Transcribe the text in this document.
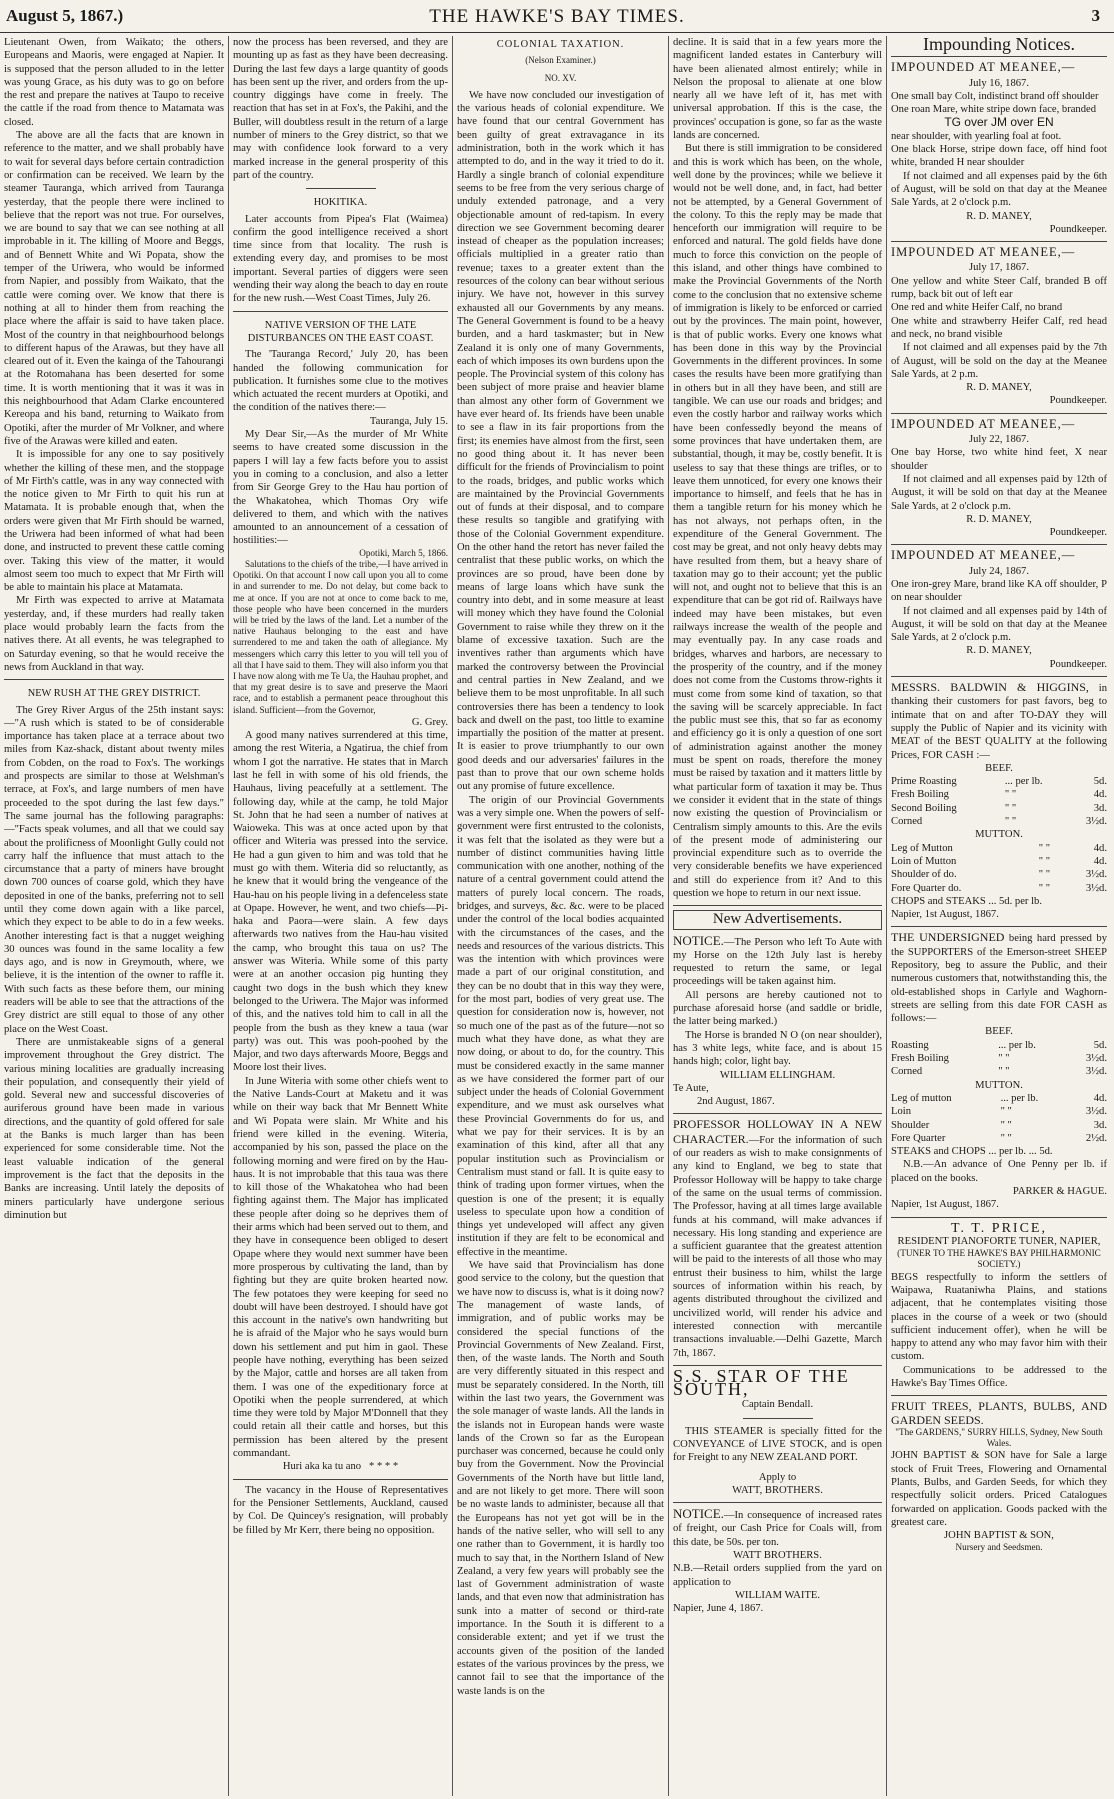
August 5, 1867.)	THE HAWKE'S BAY TIMES.	3

Lieutenant Owen, from Waikato; the others, Europeans and Maoris, were engaged at Napier. It is supposed that the person alluded to in the letter was young Grace, as his duty was to go on before the rest and prepare the natives at Taupo to receive the cattle if the road from thence to Matamata was closed.

The above are all the facts that are known in reference to the matter, and we shall probably have to wait for several days before certain contradiction or confirmation can be received. We learn by the steamer Tauranga, which arrived from Tauranga yesterday, that the people there were inclined to believe that the report was not true. For ourselves, we are bound to say that we can see nothing at all improbable in it. The killing of Moore and Beggs, and of Bennett White and Wi Popata, show the temper of the Uriwera, who would be informed from Napier, and possibly from Waikato, that the cattle were coming over. We know that there is nothing at all to hinder them from reaching the place where the affair is said to have taken place. Most of the country in that neighbourhood belongs to different hapus of the Arawas, but they have all cleared out of it. Even the kainga of the Tahourangi at the Rotomahana has been deserted for some time. It is worth mentioning that it was it was in this neighbourhood that Adam Clarke encountered Kereopa and his band, returning to Waikato from Opotiki, after the murder of Mr Volkner, and where five of the Arawas were killed and eaten.

It is impossible for any one to say positively whether the killing of these men, and the stoppage of Mr Firth's cattle, was in any way connected with the notice given to Mr Firth to quit his run at Matamata. It is probable enough that, when the orders were given that Mr Firth should be warned, the Uriwera had been informed of what had been done, and instructed to prevent these cattle coming over. Taking this view of the matter, it would almost seem too much to expect that Mr Firth will be able to maintain his place at Matamata.

Mr Firth was expected to arrive at Matamata yesterday, and, if these murders had really taken place would probably learn the facts from the natives there. At all events, he was telegraphed to on Saturday evening, so that he would receive the news from Auckland in that way.

NEW RUSH AT THE GREY DISTRICT.

The Grey River Argus of the 25th instant says:—"A rush which is stated to be of considerable importance has taken place at a terrace about two miles from Kaz-shack, distant about twenty miles from Cobden, on the road to Fox's. The workings and prospects are similar to those at Welshman's terrace, at Fox's, and large numbers of men have proceeded to the spot during the last few days." The same journal has the following paragraphs:—"Facts speak volumes, and all that we could say about the prolificness of Moonlight Gully could not carry half the influence that must attach to the circumstance that a party of miners have brought down 700 ounces of coarse gold, which they have deposited in one of the banks, preferring not to sell until they come down again with a like parcel, which they expect to be able to do in a few weeks. Another interesting fact is that a nugget weighing 30 ounces was found in the same locality a few days ago, and is now in Greymouth, where, we believe, it is the intention of the owner to raffle it. With such facts as these before them, our mining readers will be able to see that the attractions of the Grey district are still equal to those of any other place on the West Coast.

There are unmistakeable signs of a general improvement throughout the Grey district. The various mining localities are gradually increasing their population, and consequently their yield of gold. Several new and successful discoveries of auriferous ground have been made in various directions, and the quantity of gold offered for sale at the Banks is much larger than has been experienced for some considerable time. Not the least valuable indication of the general improvement is the fact that the deposits in the Banks are increasing. Until lately the deposits of miners particularly have undergone serious diminution but

now the process has been reversed, and they are mounting up as fast as they have been decreasing. During the last few days a large quantity of goods has been sent up the river, and orders from the up-country diggings have come in freely. The reaction that has set in at Fox's, the Pakihi, and the Buller, will doubtless result in the return of a large number of miners to the Grey district, so that we may with confidence look forward to a very marked increase in the general prosperity of this part of the country.

HOKITIKA.

Later accounts from Pipea's Flat (Waimea) confirm the good intelligence received a short time since from that locality. The rush is extending every day, and promises to be most important. Several parties of diggers were seen wending their way along the beach to day en route for the new rush.—West Coast Times, July 26.

NATIVE VERSION OF THE LATE DISTURBANCES ON THE EAST COAST.

The 'Tauranga Record,' July 20, has been handed the following communication for publication. It furnishes some clue to the motives which actuated the recent murders at Opotiki, and the condition of the natives there:—

Tauranga, July 15.

My Dear Sir,—As the murder of Mr White seems to have created some discussion in the papers I will lay a few facts before you to assist you in coming to a conclusion, and also a letter from Sir George Grey to the Hau hau portion of the Whakatohea, which Thomas Ory wife delivered to them, and which with the natives amounted to an announcement of a cessation of hostilities:—

Opotiki, March 5, 1866.

Salutations to the chiefs of the tribe,—I have arrived in Opotiki. On that account I now call upon you all to come in and surrender to me. Do not delay, but come back to me at once. If you are not at once to come back to me, those people who have been concerned in the murders will be tried by the laws of the land. Let a number of the native Hauhaus belonging to the east and have surrendered to me and taken the oath of allegiance. My messengers which carry this letter to you will tell you of all that I have said to them. They will also inform you that I have now along with me Te Ua, the Hauhau prophet, and that my great desire is to save and preserve the Maori race, and to establish a permanent peace throughout this island. Sufficient—from the Governor,

G. Grey.

A good many natives surrendered at this time, among the rest Witeria, a Ngatirua, the chief from whom I got the narrative. He states that in March last he fell in with some of his old friends, the Hauhaus, living peacefully at a settlement. The following day, while at the camp, he told Major St. John that he had seen a number of natives at Waioweka. This was at once acted upon by that officer and Witeria was pressed into the service. He had a gun given to him and was told that he must go with them. Witeria did so reluctantly, as he knew that it would bring the vengeance of the Hau-hau on his people living in a defenceless state at Opape. However, he went, and two chiefs—Pi-haka and Paora—were slain. A few days afterwards two natives from the Hau-hau visited the camp, who brought this taua on us? The answer was Witeria. While some of this party were at an another occasion pig hunting they caught two dogs in the bush which they knew belonged to the Uriwera. The Major was informed of this, and the natives told him to call in all the people from the bush as they knew a taua (war party) was out. This was pooh-poohed by the Major, and two days afterwards Moore, Beggs and Moore lost their lives.

In June Witeria with some other chiefs went to the Native Lands-Court at Maketu and it was while on their way back that Mr Bennett White and Wi Popata were slain. Mr White and his friend were killed in the evening. Witeria, accompanied by his son, passed the place on the following morning and were fired on by the Hau-haus. It is not improbable that this taua was there to kill those of the Whakatohea who had been fighting against them. The Major has implicated these people after doing so he deprives them of their arms which had been served out to them, and they have in consequence been obliged to desert Opape where they would next summer have been more prosperous by cultivating the land, than by fighting but they are quite broken hearted now. The few potatoes they were keeping for seed no doubt will have been destroyed. I should have got this account in the native's own handwriting but he is afraid of the Major who he says would burn down his settlement and put him in gaol. These people have nothing, everything has been seized by the Major, cattle and horses are all taken from them. I was one of the expeditionary force at Opotiki when the people surrendered, at which time they were told by Major M'Donnell that they could retain all their cattle and horses, but this permission has been altered by the present commandant.

Huri aka ka tu ano * * * *

The vacancy in the House of Representatives for the Pensioner Settlements, Auckland, caused by Col. De Quincey's resignation, will probably be filled by Mr Kerr, there being no opposition.

COLONIAL TAXATION.
(Nelson Examiner.)
NO. XV.

We have now concluded our investigation of the various heads of colonial expenditure. We have found that our central Government has been guilty of great extravagance in its administration, both in the work which it has attempted to do, and in the way it tried to do it. Hardly a single branch of colonial expenditure seems to be free from the very serious charge of unduly extended patronage, and a very objectionable amount of red-tapism. In every direction we see Government becoming dearer instead of cheaper as the population increases; officials multiplied in a greater ratio than revenue; taxes to a greater extent than the resources of the colony can bear without serious injury. We have not, however in this survey exhausted all our Governments by any means. The General Government is found to be a heavy burden, and a hard taskmaster; but in New Zealand it is only one of many Governments, each of which imposes its own burdens upon the people. The Provincial system of this colony has been subject of more praise and heavier blame than almost any other form of Government we have ever heard of. Its friends have been unable to see a flaw in its fair proportions from the first; its enemies have almost from the first, seen no good thing about it. It has never been difficult for the friends of Provincialism to point to the roads, bridges, and public works which are maintained by the Provincial Governments out of funds at their disposal, and to compare these results so tangible and gratifying with those of the Colonial Government expenditure. On the other hand the retort has never failed the centralist that these public works, on which the provinces are so proud, have been done by means of large loans which have sunk the country into debt, and in some measure at least will money which they have found the Colonial Government to raise while they threw on it the blame of excessive taxation. Such are the inventives rather than arguments which have marked the controversy between the Provincial and central parties in New Zealand, and we believe them to be most unprofitable. In all such controversies there has been a tendency to look back and dwell on the past, too little to examine impartially the position of the matter at present. It is easier to prove triumphantly to our own good deeds and our adversaries' failures in the past than to prove that our own scheme holds out any promise of future excellence.

The origin of our Provincial Governments was a very simple one. When the powers of self-government were first entrusted to the colonists, it was felt that the isolated as they were but a number of distinct communities having little communication with one another, nothing of the nature of a central government could attend the matters of purely local concern. The roads, bridges, and surveys, &c. &c. were to be placed under the control of the local bodies acquainted with the circumstances of the cases, and the needs and resources of the various districts. This was the intention with which provinces were made a part of our original constitution, and they can be no doubt that in this way they were, for the most part, bodies of very great use. The question for consideration now is, however, not so much one of the past as of the future—not so much what they have done, as what they are now doing, or about to do, for the country. This must be considered exactly in the same manner as we have considered the former part of our subject under the heads of Colonial Government expenditure, and we must ask ourselves what these Provincial Governments do for us, and what we pay for their services. It is by an examination of this kind, after all that any popular institution such as Provincialism or Centralism must stand or fall. It is quite easy to think of trading upon former virtues, when the question is one of the present; it is equally useless to speculate upon how a condition of things yet undeveloped will affect any given institution if they are felt to be economical and effective in the meantime.

We have said that Provincialism has done good service to the colony, but the question that we have now to discuss is, what is it doing now? The management of waste lands, of immigration, and of public works may be considered the special functions of the Provincial Governments of New Zealand. First, then, of the waste lands. The North and South are very differently situated in this respect and must be separately considered. In the North, till within the last two years, the Government was the sole manager of waste lands. All the lands in the islands not in European hands were waste lands of the Crown so far as the European purchaser was concerned, because he could only buy from the Government. Now the Provincial Governments of the North have but little land, and are not likely to get more. There will soon be no waste lands to administer, because all that the Europeans has not yet got will be in the hands of the native seller, who will sell to any one rather than to Government, it is hardly too much to say that, in the Northern Island of New Zealand, a very few years will probably see the last of Government administration of waste lands, and that even now that administration has sunk into a matter of second or third-rate importance. In the South it is different to a considerable extent; and yet if we trust the accounts given of the position of the landed estates of the various provinces by the press, we cannot fail to see that the importance of the waste lands is on the

decline. It is said that in a few years more the magnificent landed estates in Canterbury will have been alienated almost entirely; while in Nelson the proposal to alienate at one blow nearly all we have left of it, has met with universal approbation. If this is the case, the provinces' occupation is gone, so far as the waste lands are concerned.

But there is still immigration to be considered and this is work which has been, on the whole, well done by the provinces; while we believe it would not be well done, and, in fact, had better not be attempted, by a General Government of the colony. To this the reply may be made that henceforth our immigration will require to be enforced and natural. The gold fields have done much to force this conviction on the people of this island, and other things have combined to make the Provincial Governments of the North come to the conclusion that no extensive scheme of immigration is likely to be enforced or carried out by the provinces. The main point, however, is that of public works. Every one knows what has been done in this way by the Provincial Governments in the different provinces. In some cases the results have been more gratifying than in others but in all they have been, and still are tangible. We can use our roads and bridges; and even the costly harbor and railway works which have been confessedly beyond the means of some provinces that have undertaken them, are substantial, though, it may be, costly benefit. It is useless to say that these things are trifles, or to leave them unnoticed, for every one knows their importance to himself, and feels that he has in them a tangible return for his money which he has not always, not perhaps often, in the expenditure of the General Government. The cost may be great, and not only heavy debts may have resulted from them, but a heavy share of taxation may go to their account; yet the public will not, and ought not to believe that this is an expenditure that can be got rid of. Railways have indeed may have been mistakes, but even railways increase the wealth of the people and may eventually pay. In any case roads and bridges, wharves and harbors, are necessary to the prosperity of the country, and if the money does not come from the Customs throw-rights it must come from some kind of taxation, so that the saving will be scarcely appreciable. In fact the public must see this, that so far as economy and efficiency go it is only a question of one sort of administration against another the money must be spent on roads, therefore the money must be raised by taxation and it matters little by what particular form of taxation it may be. Thus we consider it evident that in the state of things now existing the question of Provincialism or Centralism simply amounts to this. Are the evils of the present mode of administering our provincial expenditure such as to override the very considerable benefits we have experienced and still do experience from it? And to this question we hope to return in our next issue.

New Advertisements.

NOTICE.—The Person who left To Aute with my Horse on the 12th July last is hereby requested to return the same, or legal proceedings will be taken against him.

All persons are hereby cautioned not to purchase aforesaid horse (and saddle or bridle, the latter being marked.)

The Horse is branded N O (on near shoulder), has 3 white legs, white face, and is about 15 hands high; color, light bay.

WILLIAM ELLINGHAM.

Te Aute,

2nd August, 1867.

PROFESSOR HOLLOWAY IN A NEW CHARACTER.—For the information of such of our readers as wish to make consignments of any kind to England, we beg to state that Professor Holloway will be happy to take charge of the same on the usual terms of commission. The Professor, having at all times large available funds at his command, will make advances if necessary. His long standing and experience are a sufficient guarantee that the greatest attention will be paid to the interests of all those who may entrust their business to him, whilst the large sources of information within his reach, by agents distributed throughout the civilized and uncivilized world, will render his advice and interested connection with mercantile transactions invaluable.—Delhi Gazette, March 7th, 1867.

S.S. STAR OF THE SOUTH,

Captain Bendall.

THIS STEAMER is specially fitted for the CONVEYANCE of LIVE STOCK, and is open for Freight to any NEW ZEALAND PORT.

Apply to

WATT, BROTHERS.

NOTICE.—In consequence of increased rates of freight, our Cash Price for Coals will, from this date, be 50s. per ton.

WATT BROTHERS.

N.B.—Retail orders supplied from the yard on application to

WILLIAM WAITE.

Napier, June 4, 1867.

Impounding Notices.
IMPOUNDED AT MEANEE,—

July 16, 1867.

One small bay Colt, indistinct brand off shoulder

One roan Mare, white stripe down face, branded

TG over JM over EN

near shoulder, with yearling foal at foot.

One black Horse, stripe down face, off hind foot white, branded H near shoulder

If not claimed and all expenses paid by the 6th of August, will be sold on that day at the Meanee Sale Yards, at 2 o'clock p.m.

R. D. MANEY,

Poundkeeper.

IMPOUNDED AT MEANEE,—

July 17, 1867.

One yellow and white Steer Calf, branded B off rump, back bit out of left ear

One red and white Heifer Calf, no brand

One white and strawberry Heifer Calf, red head and neck, no brand visible

If not claimed and all expenses paid by the 7th of August, will be sold on the day at the Meanee Sale Yards, at 2 p.m.

R. D. MANEY,

Poundkeeper.

IMPOUNDED AT MEANEE,—

July 22, 1867.

One bay Horse, two white hind feet, X near shoulder

If not claimed and all expenses paid by 12th of August, it will be sold on that day at the Meanee Sale Yards, at 2 o'clock p.m.

R. D. MANEY,

Poundkeeper.

IMPOUNDED AT MEANEE,—

July 24, 1867.

One iron-grey Mare, brand like KA off shoulder, P on near shoulder

If not claimed and all expenses paid by 14th of August, it will be sold on that day at the Meanee Sale Yards, at 2 o'clock p.m.

R. D. MANEY,

Poundkeeper.

MESSRS. BALDWIN & HIGGINS, in thanking their customers for past favors, beg to intimate that on and after TO-DAY they will supply the Public of Napier and its vicinity with MEAT of the BEST QUALITY at the following Prices, FOR CASH :—

BEEF.

Prime Roasting	... per lb.	5d.
Fresh Boiling	" "	4d.
Second Boiling	" "	3d.
Corned	" "	3½d.

MUTTON.

Leg of Mutton	" "	4d.
Loin of Mutton	" "	4d.
Shoulder of do.	" "	3½d.
Fore Quarter do.	" "	3½d.

CHOPS and STEAKS ... 5d. per lb.

Napier, 1st August, 1867.

THE UNDERSIGNED being hard pressed by the SUPPORTERS of the Emerson-street SHEEP Repository, beg to assure the Public, and their numerous customers that, notwithstanding this, the old-established shops in Carlyle and Waghorn-streets are selling from this date FOR CASH as follows:—

BEEF.

Roasting	... per lb.	5d.
Fresh Boiling	" "	3½d.
Corned	" "	3½d.

MUTTON.

Leg of mutton	... per lb.	4d.
Loin	" "	3½d.
Shoulder	" "	3d.
Fore Quarter	" "	2½d.

STEAKS and CHOPS ... per lb. ... 5d.

N.B.—An advance of One Penny per lb. if placed on the books.

PARKER & HAGUE.

Napier, 1st August, 1867.

T. T. PRICE,

RESIDENT PIANOFORTE TUNER, NAPIER,

(TUNER TO THE HAWKE'S BAY PHILHARMONIC SOCIETY.)

BEGS respectfully to inform the settlers of Waipawa, Ruataniwha Plains, and stations adjacent, that he contemplates visiting those places in the course of a week or two (should sufficient inducement offer), when he will be happy to attend any who may favor him with their custom.

Communications to be addressed to the Hawke's Bay Times Office.

FRUIT TREES, PLANTS, BULBS, AND GARDEN SEEDS.

"The GARDENS," SURRY HILLS, Sydney, New South Wales.

JOHN BAPTIST & SON have for Sale a large stock of Fruit Trees, Flowering and Ornamental Plants, Bulbs, and Garden Seeds, for which they respectfully solicit orders. Priced Catalogues forwarded on application. Goods packed with the greatest care.

JOHN BAPTIST & SON,

Nursery and Seedsmen.
